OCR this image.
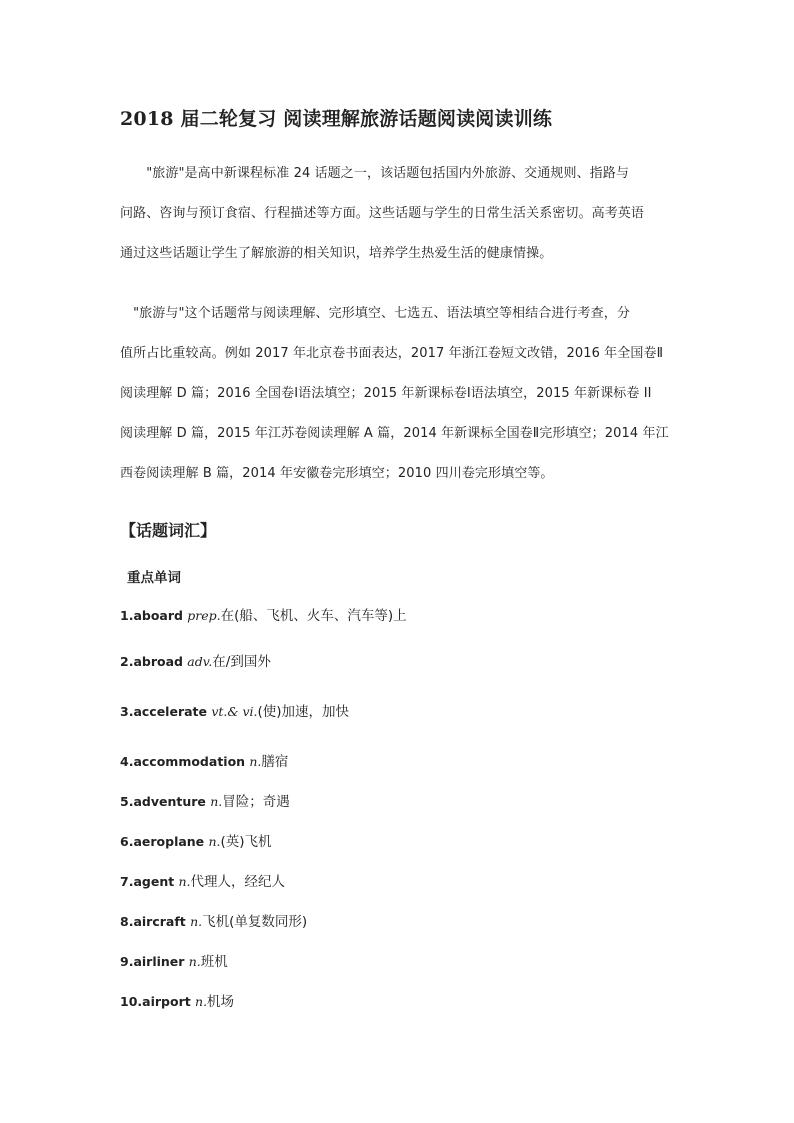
2018 届二轮复习 阅读理解旅游话题阅读阅读训练
　　"旅游"是高中新课程标准 24 话题之一，该话题包括国内外旅游、交通规则、指路与
问路、咨询与预订食宿、行程描述等方面。这些话题与学生的日常生活关系密切。高考英语
通过这些话题让学生了解旅游的相关知识，培养学生热爱生活的健康情操。
　"旅游与"这个话题常与阅读理解、完形填空、七选五、语法填空等相结合进行考查，分
值所占比重较高。例如 2017 年北京卷书面表达，2017 年浙江卷短文改错，2016 年全国卷Ⅱ
阅读理解 D 篇；2016 全国卷Ⅰ语法填空；2015 年新课标卷Ⅰ语法填空，2015 年新课标卷 II
阅读理解 D 篇，2015 年江苏卷阅读理解 A 篇，2014 年新课标全国卷Ⅱ完形填空；2014 年江
西卷阅读理解 B 篇，2014 年安徽卷完形填空；2010 四川卷完形填空等。
【话题词汇】
重点单词
1.aboard prep.在(船、飞机、火车、汽车等)上
2.abroad adv.在/到国外
3.accelerate vt.& vi.(使)加速，加快
4.accommodation n.膳宿
5.adventure n.冒险；奇遇
6.aeroplane n.(英)飞机
7.agent n.代理人，经纪人
8.aircraft n.飞机(单复数同形)
9.airliner n.班机
10.airport n.机场
